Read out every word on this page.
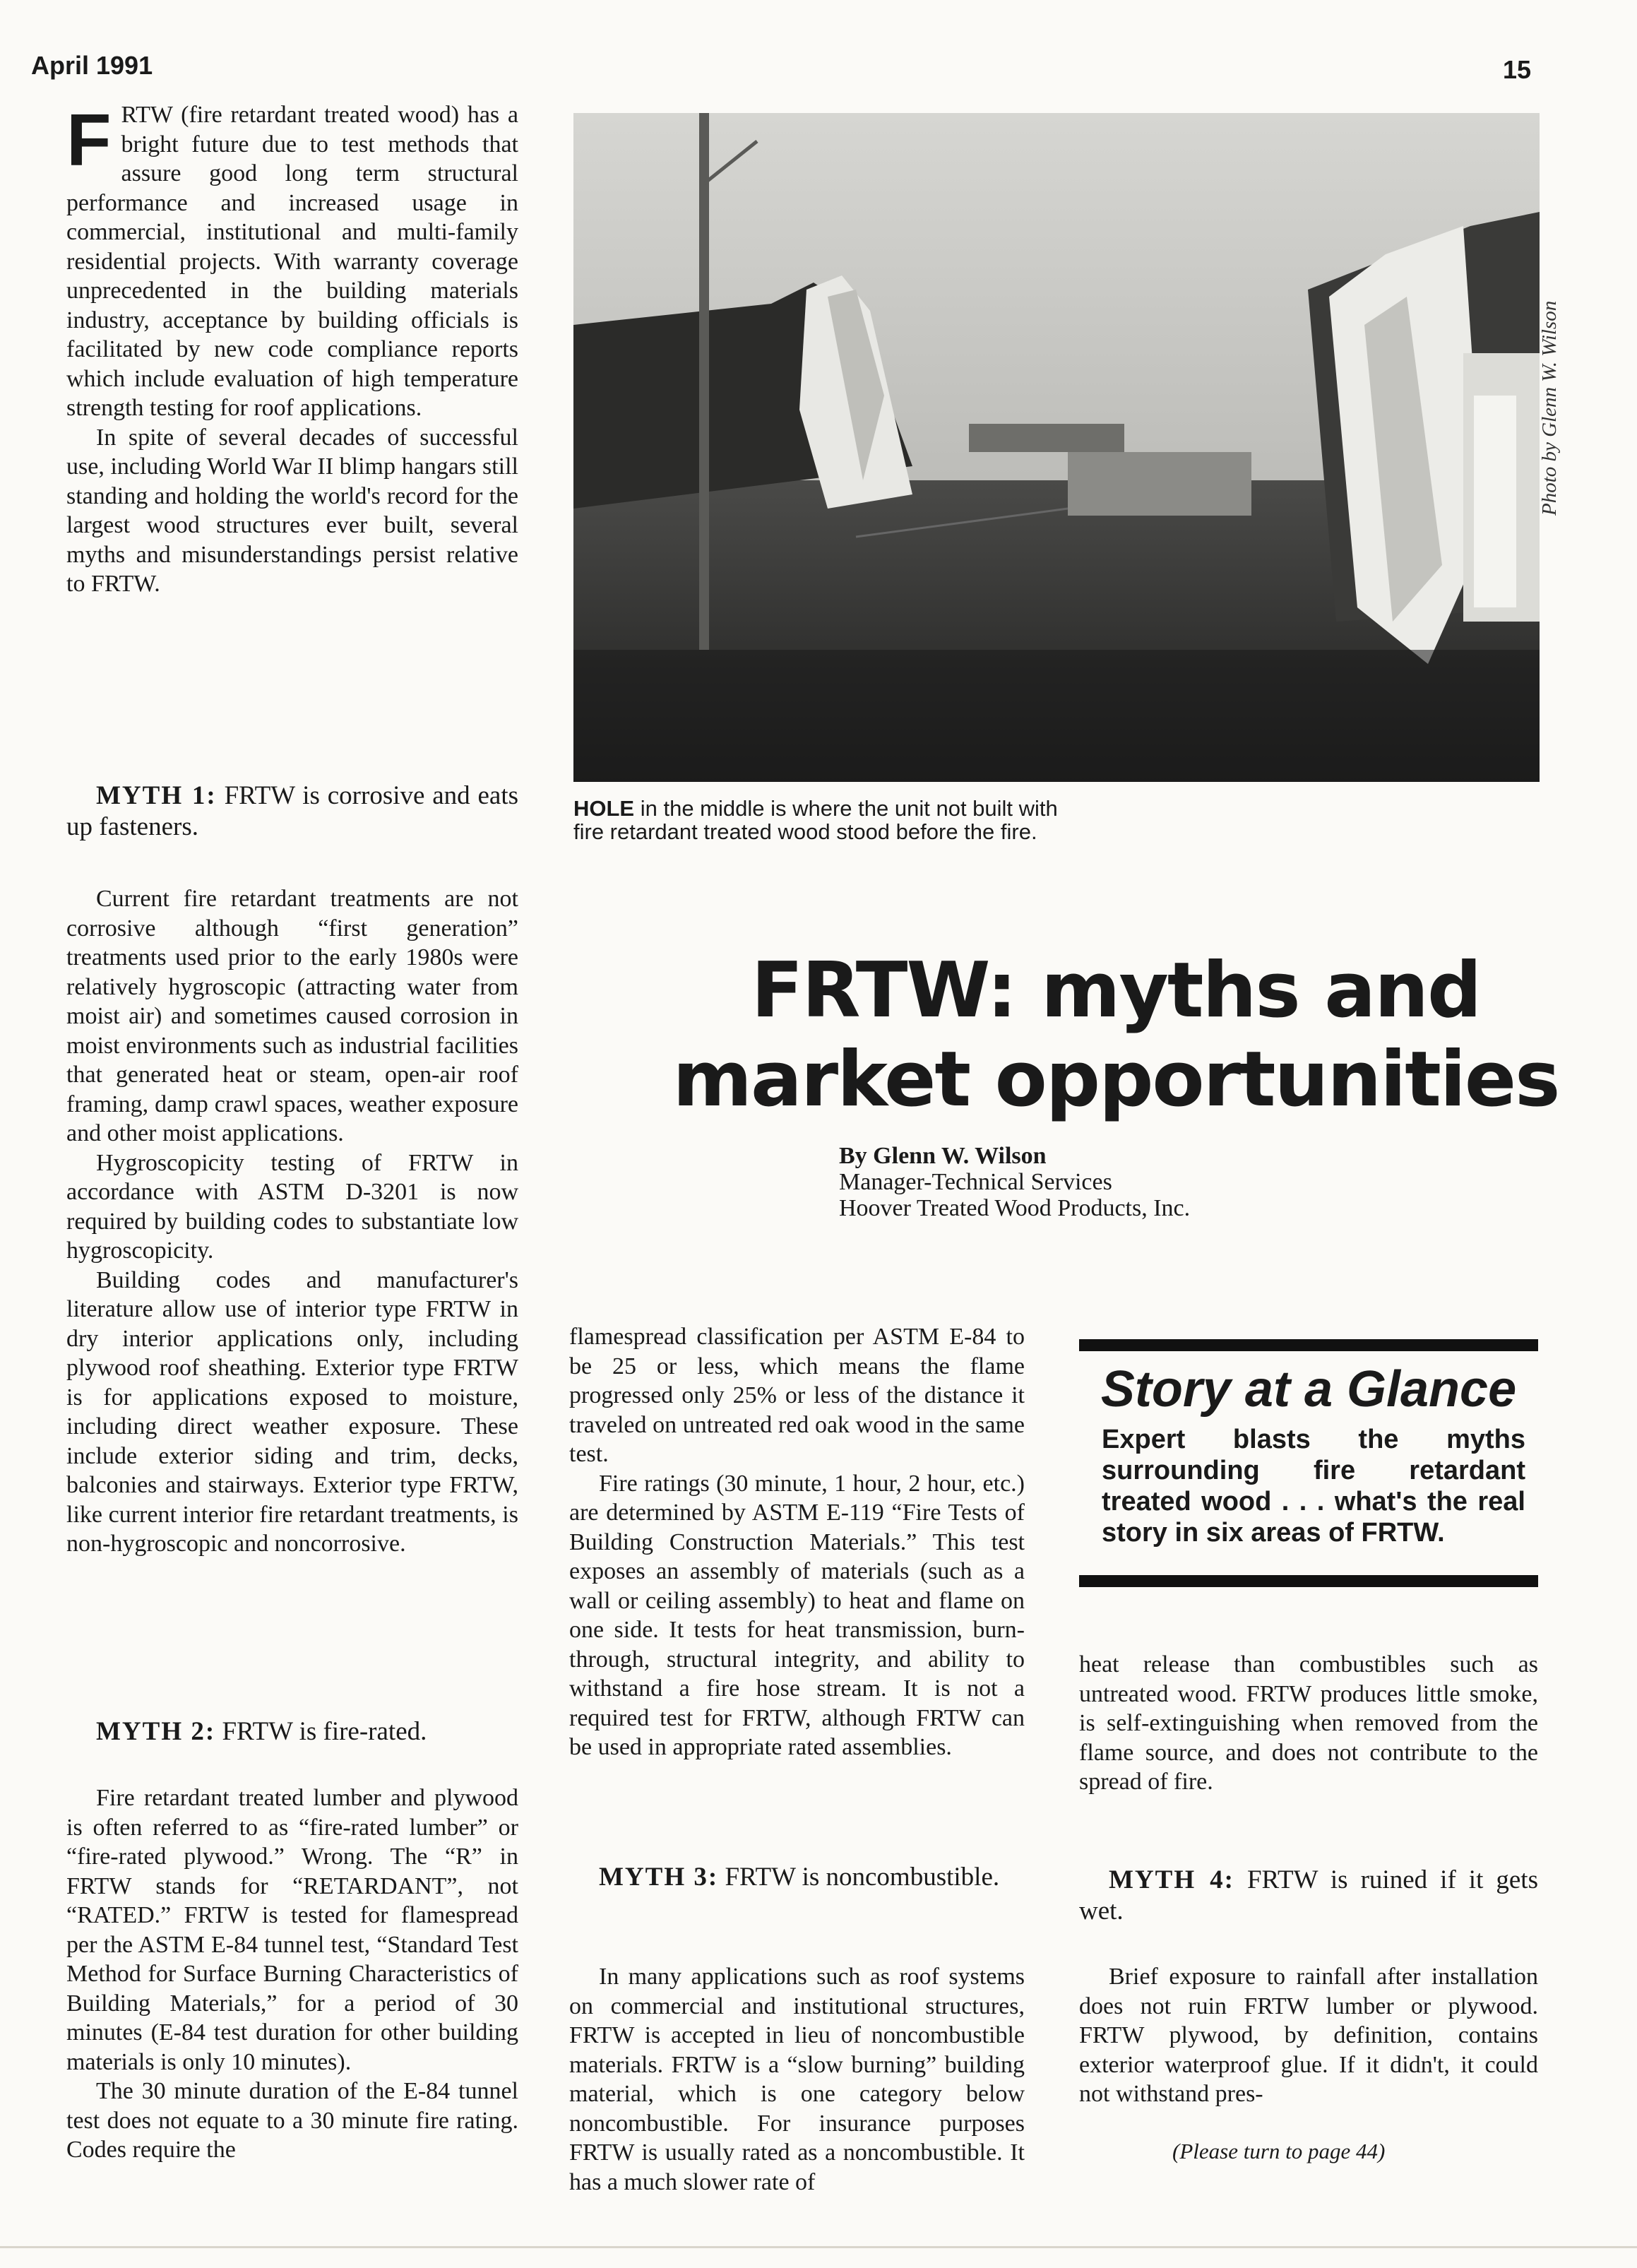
April 1991	15

FRTW (fire retardant treated wood) has a bright future due to test methods that assure good long term structural performance and increased usage in commercial, institutional and multi-family residential projects. With warranty coverage unprecedented in the building materials industry, acceptance by building officials is facilitated by new code compliance reports which include evaluation of high temperature strength testing for roof applications.

In spite of several decades of successful use, including World War II blimp hangars still standing and holding the world's record for the largest wood structures ever built, several myths and misunderstandings persist relative to FRTW.

MYTH 1: FRTW is corrosive and eats up fasteners.

Current fire retardant treatments are not corrosive although “first generation” treatments used prior to the early 1980s were relatively hygroscopic (attracting water from moist air) and sometimes caused corrosion in moist environments such as industrial facilities that generated heat or steam, open-air roof framing, damp crawl spaces, weather exposure and other moist applications.

Hygroscopicity testing of FRTW in accordance with ASTM D-3201 is now required by building codes to substantiate low hygroscopicity.

Building codes and manufacturer's literature allow use of interior type FRTW in dry interior applications only, including plywood roof sheathing. Exterior type FRTW is for applications exposed to moisture, including direct weather exposure. These include exterior siding and trim, decks, balconies and stairways. Exterior type FRTW, like current interior fire retardant treatments, is non-hygroscopic and noncorrosive.

MYTH 2: FRTW is fire-rated.

Fire retardant treated lumber and plywood is often referred to as “fire-rated lumber” or “fire-rated plywood.” Wrong. The “R” in FRTW stands for “RETARDANT”, not “RATED.” FRTW is tested for flamespread per the ASTM E-84 tunnel test, “Standard Test Method for Surface Burning Characteristics of Building Materials,” for a period of 30 minutes (E-84 test duration for other building materials is only 10 minutes).

The 30 minute duration of the E-84 tunnel test does not equate to a 30 minute fire rating. Codes require the

Photo by Glenn W. Wilson
HOLE in the middle is where the unit not built with fire retardant treated wood stood before the fire.
FRTW: myths and
market opportunities
By Glenn W. Wilson
Manager-Technical Services
Hoover Treated Wood Products, Inc.

flamespread classification per ASTM E-84 to be 25 or less, which means the flame progressed only 25% or less of the distance it traveled on untreated red oak wood in the same test.

Fire ratings (30 minute, 1 hour, 2 hour, etc.) are determined by ASTM E-119 “Fire Tests of Building Construction Materials.” This test exposes an assembly of materials (such as a wall or ceiling assembly) to heat and flame on one side. It tests for heat transmission, burn-through, structural integrity, and ability to withstand a fire hose stream. It is not a required test for FRTW, although FRTW can be used in appropriate rated assemblies.

MYTH 3: FRTW is noncombustible.

In many applications such as roof systems on commercial and institutional structures, FRTW is accepted in lieu of noncombustible materials. FRTW is a “slow burning” building material, which is one category below noncombustible. For insurance purposes FRTW is usually rated as a noncombustible. It has a much slower rate of

Story at a Glance
Expert blasts the myths surrounding fire retardant treated wood . . . what's the real story in six areas of FRTW.

heat release than combustibles such as untreated wood. FRTW produces little smoke, is self-extinguishing when removed from the flame source, and does not contribute to the spread of fire.

MYTH 4: FRTW is ruined if it gets wet.

Brief exposure to rainfall after installation does not ruin FRTW lumber or plywood. FRTW plywood, by definition, contains exterior waterproof glue. If it didn't, it could not withstand pres-

(Please turn to page 44)
